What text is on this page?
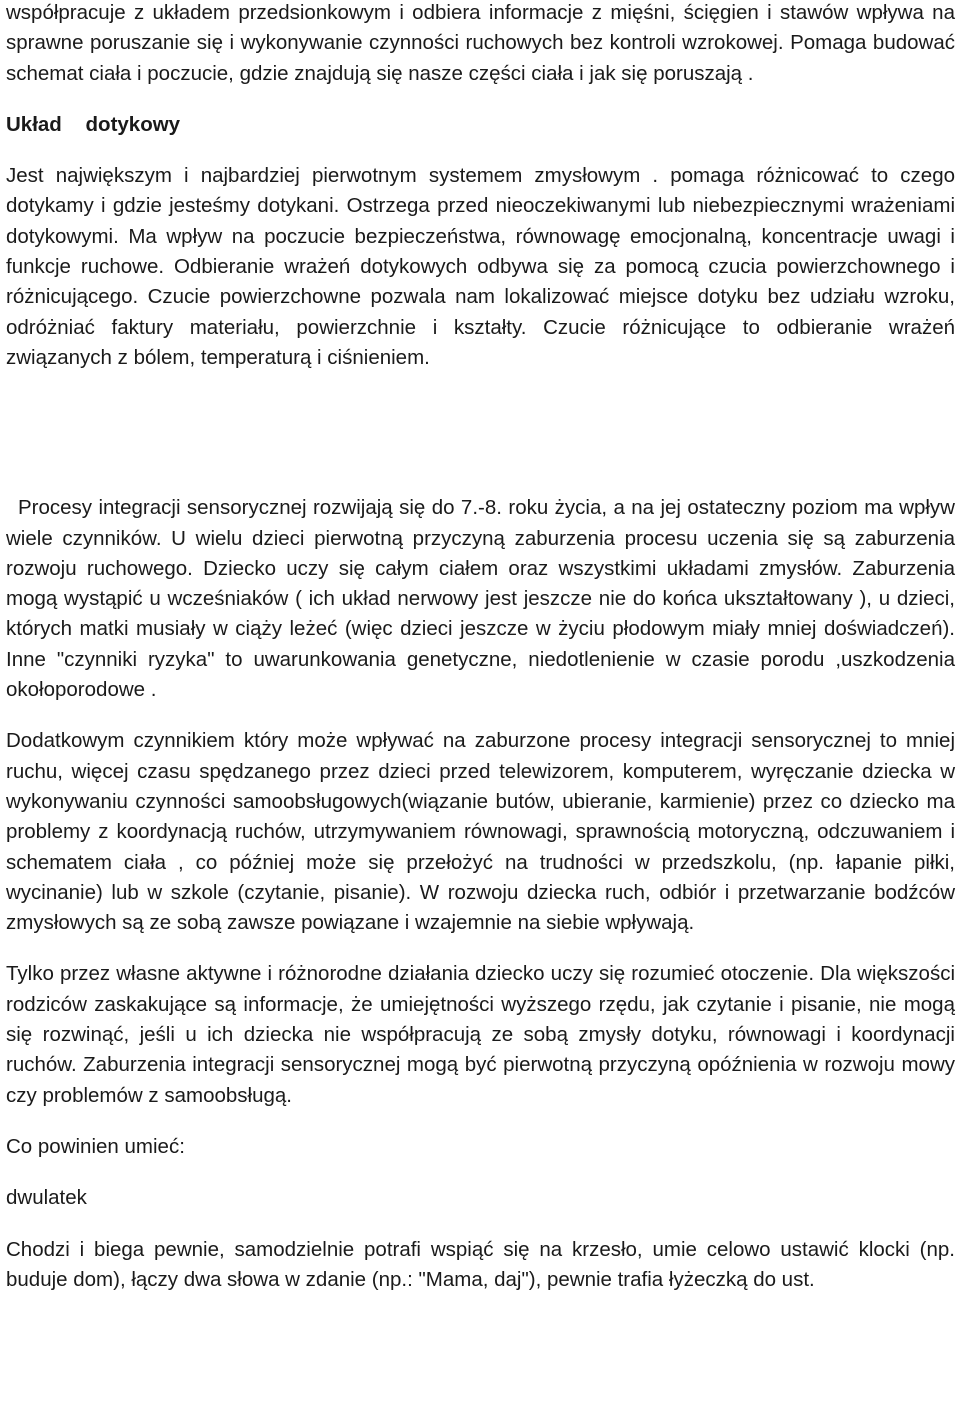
współpracuje z układem przedsionkowym i odbiera informacje z mięśni, ścięgien i stawów wpływa na sprawne poruszanie się i wykonywanie czynności ruchowych bez kontroli wzrokowej. Pomaga budować schemat ciała i poczucie, gdzie znajdują się nasze części ciała i jak się poruszają .

Układ dotykowy

Jest największym i najbardziej pierwotnym systemem zmysłowym . pomaga różnicować to czego dotykamy i gdzie jesteśmy dotykani. Ostrzega przed nieoczekiwanymi lub niebezpiecznymi wrażeniami dotykowymi. Ma wpływ na poczucie bezpieczeństwa, równowagę emocjonalną, koncentracje uwagi i funkcje ruchowe. Odbieranie wrażeń dotykowych odbywa się za pomocą czucia powierzchownego i różnicującego. Czucie powierzchowne pozwala nam lokalizować miejsce dotyku bez udziału wzroku, odróżniać faktury materiału, powierzchnie i kształty. Czucie różnicujące to odbieranie wrażeń związanych z bólem, temperaturą i ciśnieniem.

Procesy integracji sensorycznej rozwijają się do 7.-8. roku życia, a na jej ostateczny poziom ma wpływ wiele czynników. U wielu dzieci pierwotną przyczyną zaburzenia procesu uczenia się są zaburzenia rozwoju ruchowego. Dziecko uczy się całym ciałem oraz wszystkimi układami zmysłów. Zaburzenia mogą wystąpić u wcześniaków ( ich układ nerwowy jest jeszcze nie do końca ukształtowany ), u dzieci, których matki musiały w ciąży leżeć (więc dzieci jeszcze w życiu płodowym miały mniej doświadczeń). Inne "czynniki ryzyka" to uwarunkowania genetyczne, niedotlenienie w czasie porodu ,uszkodzenia okołoporodowe .

Dodatkowym czynnikiem który może wpływać na zaburzone procesy integracji sensorycznej to mniej ruchu, więcej czasu spędzanego przez dzieci przed telewizorem, komputerem, wyręczanie dziecka w wykonywaniu czynności samoobsługowych(wiązanie butów, ubieranie, karmienie) przez co dziecko ma problemy z koordynacją ruchów, utrzymywaniem równowagi, sprawnością motoryczną, odczuwaniem i schematem ciała , co później może się przełożyć na trudności w przedszkolu, (np. łapanie piłki, wycinanie) lub w szkole (czytanie, pisanie). W rozwoju dziecka ruch, odbiór i przetwarzanie bodźców zmysłowych są ze sobą zawsze powiązane i wzajemnie na siebie wpływają.

Tylko przez własne aktywne i różnorodne działania dziecko uczy się rozumieć otoczenie. Dla większości rodziców zaskakujące są informacje, że umiejętności wyższego rzędu, jak czytanie i pisanie, nie mogą się rozwinąć, jeśli u ich dziecka nie współpracują ze sobą zmysły dotyku, równowagi i koordynacji ruchów. Zaburzenia integracji sensorycznej mogą być pierwotną przyczyną opóźnienia w rozwoju mowy czy problemów z samoobsługą.

Co powinien umieć:

dwulatek

Chodzi i biega pewnie, samodzielnie potrafi wspiąć się na krzesło, umie celowo ustawić klocki (np. buduje dom), łączy dwa słowa w zdanie (np.: "Mama, daj"), pewnie trafia łyżeczką do ust.
